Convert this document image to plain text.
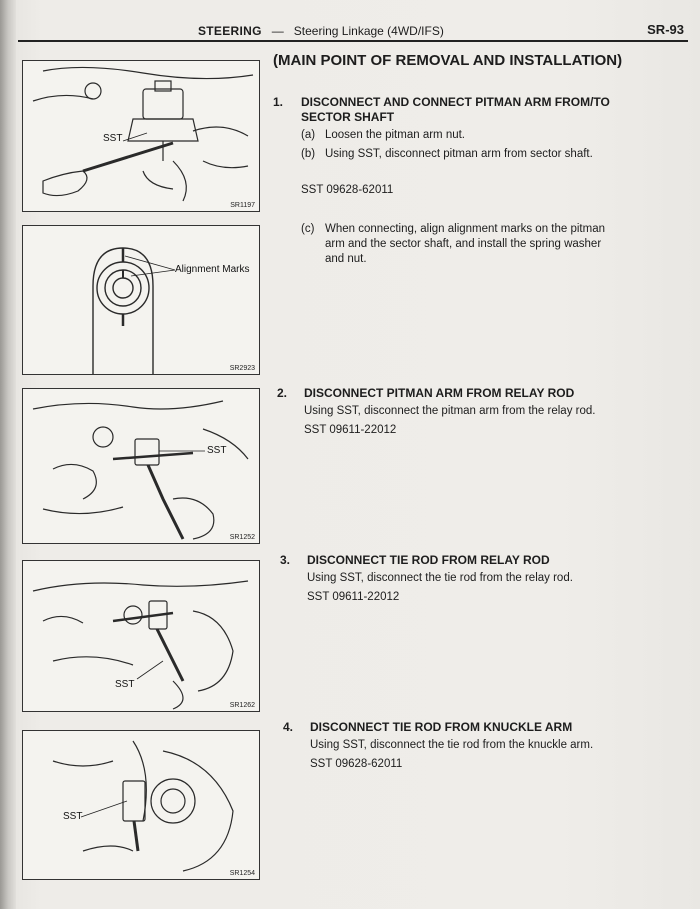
STEERING — Steering Linkage (4WD/IFS)	SR-93
SST
SR1197
Alignment Marks
SR2923
SST
SR1252
SST
SR1262
SST
SR1254
(MAIN POINT OF REMOVAL AND INSTALLATION)
1. DISCONNECT AND CONNECT PITMAN ARM FROM/TO SECTOR SHAFT
(a) Loosen the pitman arm nut.
(b) Using SST, disconnect pitman arm from sector shaft.
SST 09628-62011
(c) When connecting, align alignment marks on the pitman arm and the sector shaft, and install the spring washer and nut.
2. DISCONNECT PITMAN ARM FROM RELAY ROD
Using SST, disconnect the pitman arm from the relay rod.
SST 09611-22012
3. DISCONNECT TIE ROD FROM RELAY ROD
Using SST, disconnect the tie rod from the relay rod.
SST 09611-22012
4. DISCONNECT TIE ROD FROM KNUCKLE ARM
Using SST, disconnect the tie rod from the knuckle arm.
SST 09628-62011
